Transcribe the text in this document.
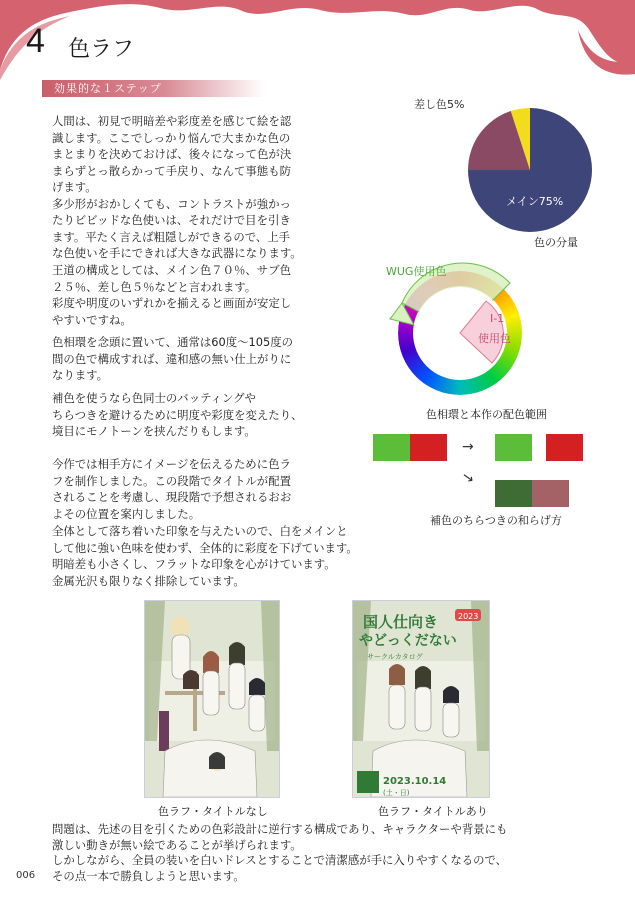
4 色ラフ
効果的な１ステップ

人間は、初見で明暗差や彩度差を感じて絵を認
識します。ここでしっかり悩んで大まかな色の
まとまりを決めておけば、後々になって色が決
まらずとっ散らかって手戻り、なんて事態も防
げます。
多少形がおかしくても、コントラストが強かっ
たりビビッドな色使いは、それだけで目を引き
ます。平たく言えば粗隠しができるので、上手
な色使いを手にできれば大きな武器になります。

王道の構成としては、メイン色７０％、サブ色
２５％、差し色５％などと言われます。
彩度や明度のいずれかを揃えると画面が安定し
やすいですね。

色相環を念頭に置いて、通常は60度〜105度の
間の色で構成すれば、違和感の無い仕上がりに
なります。

補色を使うなら色同士のバッティングや
ちらつきを避けるために明度や彩度を変えたり、
境目にモノトーンを挟んだりもします。

今作では相手方にイメージを伝えるために色ラ
フを制作しました。この段階でタイトルが配置
されることを考慮し、現段階で予想されるおお
よその位置を案内しました。

全体として落ち着いた印象を与えたいので、白をメインと
して他に強い色味を使わず、全体的に彩度を下げています。
明暗差も小さくし、フラットな印象を心がけています。
金属光沢も限りなく排除しています。

問題は、先述の目を引くための色彩設計に逆行する構成であり、キャラクターや背景にも
激しい動きが無い絵であることが挙げられます。
しかしながら、全員の装いを白いドレスとすることで清潔感が手に入りやすくなるので、
その点一本で勝負しようと思います。

メイン75%
サブ 25%
差し色5%
色の分量
WUG使用色
I-1
使用色
色相環と本作の配色範囲
→
→
補色のちらつきの和らげ方
色ラフ・タイトルなし
国人仕向き
やどっくだない
2023
サークルカタログ
2023.10.14
(土・日)
色ラフ・タイトルあり
006
